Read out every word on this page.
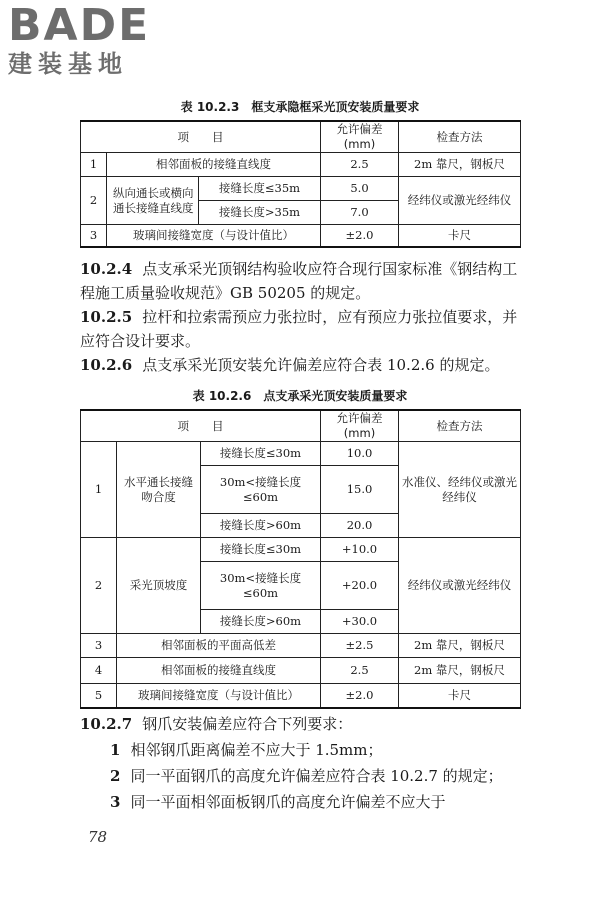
BADE
建装基地
表 10.2.3　框支承隐框采光顶安装质量要求
项　　目			允许偏差(mm)	检查方法
1	相邻面板的接缝直线度		2.5	2m 靠尺，钢板尺
2	纵向通长或横向通长接缝直线度	接缝长度≤35m	5.0	经纬仪或激光经纬仪
		接缝长度>35m	7.0	
3	玻璃间接缝宽度（与设计值比）		±2.0	卡尺
10.2.4 点支承采光顶钢结构验收应符合现行国家标准《钢结构工程施工质量验收规范》GB 50205 的规定。
10.2.5 拉杆和拉索需预应力张拉时，应有预应力张拉值要求，并应符合设计要求。
10.2.6 点支承采光顶安装允许偏差应符合表 10.2.6 的规定。
表 10.2.6　点支承采光顶安装质量要求
项　　目			允许偏差(mm)	检查方法
1	水平通长接缝吻合度	接缝长度≤30m	10.0	水准仪、经纬仪或激光经纬仪
		30m<接缝长度≤60m	15.0	
		接缝长度>60m	20.0	
2	采光顶坡度	接缝长度≤30m	+10.0	经纬仪或激光经纬仪
		30m<接缝长度≤60m	+20.0	
		接缝长度>60m	+30.0	
3	相邻面板的平面高低差		±2.5	2m 靠尺，钢板尺
4	相邻面板的接缝直线度		2.5	2m 靠尺，钢板尺
5	玻璃间接缝宽度（与设计值比）		±2.0	卡尺
10.2.7 钢爪安装偏差应符合下列要求：
1 相邻钢爪距离偏差不应大于 1.5mm；
2 同一平面钢爪的高度允许偏差应符合表 10.2.7 的规定；
3 同一平面相邻面板钢爪的高度允许偏差不应大于
78
